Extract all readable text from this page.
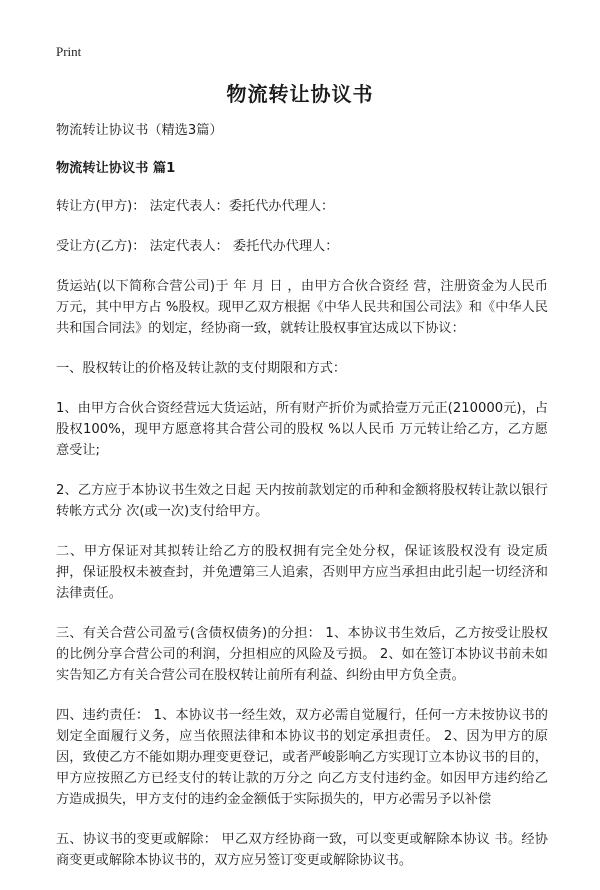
Print
物流转让协议书

物流转让协议书（精选3篇）

物流转让协议书 篇1

转让方(甲方)： 法定代表人：委托代办代理人：

受让方(乙方)： 法定代表人： 委托代办代理人：

货运站(以下简称合营公司)于 年 月 日 ，由甲方合伙合资经 营，注册资金为人民币 万元，其中甲方占 %股权。现甲乙双方根据《中华人民共和国公司法》和《中华人民共和国合同法》的划定，经协商一致，就转让股权事宜达成以下协议：

一、股权转让的价格及转让款的支付期限和方式：

1、由甲方合伙合资经营远大货运站，所有财产折价为贰拾壹万元正(210000元)，占股权100%，现甲方愿意将其合营公司的股权 %以人民币 万元转让给乙方，乙方愿意受让;

2、乙方应于本协议书生效之日起 天内按前款划定的币种和金额将股权转让款以银行转帐方式分 次(或一次)支付给甲方。

二、甲方保证对其拟转让给乙方的股权拥有完全处分权，保证该股权没有 设定质押，保证股权未被查封，并免遭第三人追索，否则甲方应当承担由此引起一切经济和法律责任。

三、有关合营公司盈亏(含债权债务)的分担： 1、本协议书生效后，乙方按受让股权的比例分享合营公司的利润，分担相应的风险及亏损。 2、如在签订本协议书前未如实告知乙方有关合营公司在股权转让前所有利益、纠纷由甲方负全责。

四、违约责任： 1、本协议书一经生效，双方必需自觉履行，任何一方未按协议书的划定全面履行义务，应当依照法律和本协议书的划定承担责任。 2、因为甲方的原因，致使乙方不能如期办理变更登记，或者严峻影响乙方实现订立本协议书的目的，甲方应按照乙方已经支付的转让款的万分之 向乙方支付违约金。如因甲方违约给乙方造成损失，甲方支付的违约金金额低于实际损失的，甲方必需另予以补偿

五、协议书的变更或解除： 甲乙双方经协商一致，可以变更或解除本协议 书。经协商变更或解除本协议书的，双方应另签订变更或解除协议书。
